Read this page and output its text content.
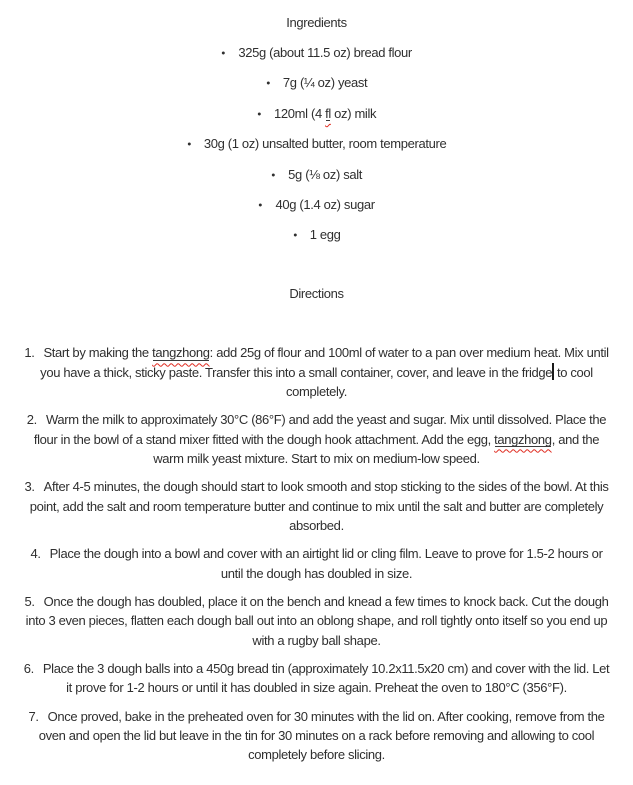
Ingredients
• 325g (about 11.5 oz) bread flour
• 7g (¼ oz) yeast
• 120ml (4 fl oz) milk
• 30g (1 oz) unsalted butter, room temperature
• 5g (⅛ oz) salt
• 40g (1.4 oz) sugar
• 1 egg
Directions
1. Start by making the tangzhong: add 25g of flour and 100ml of water to a pan over medium heat. Mix until you have a thick, sticky paste. Transfer this into a small container, cover, and leave in the fridge to cool completely.
2. Warm the milk to approximately 30°C (86°F) and add the yeast and sugar. Mix until dissolved. Place the flour in the bowl of a stand mixer fitted with the dough hook attachment. Add the egg, tangzhong, and the warm milk yeast mixture. Start to mix on medium-low speed.
3. After 4-5 minutes, the dough should start to look smooth and stop sticking to the sides of the bowl. At this point, add the salt and room temperature butter and continue to mix until the salt and butter are completely absorbed.
4. Place the dough into a bowl and cover with an airtight lid or cling film. Leave to prove for 1.5-2 hours or until the dough has doubled in size.
5. Once the dough has doubled, place it on the bench and knead a few times to knock back. Cut the dough into 3 even pieces, flatten each dough ball out into an oblong shape, and roll tightly onto itself so you end up with a rugby ball shape.
6. Place the 3 dough balls into a 450g bread tin (approximately 10.2x11.5x20 cm) and cover with the lid. Let it prove for 1-2 hours or until it has doubled in size again. Preheat the oven to 180°C (356°F).
7. Once proved, bake in the preheated oven for 30 minutes with the lid on. After cooking, remove from the oven and open the lid but leave in the tin for 30 minutes on a rack before removing and allowing to cool completely before slicing.
